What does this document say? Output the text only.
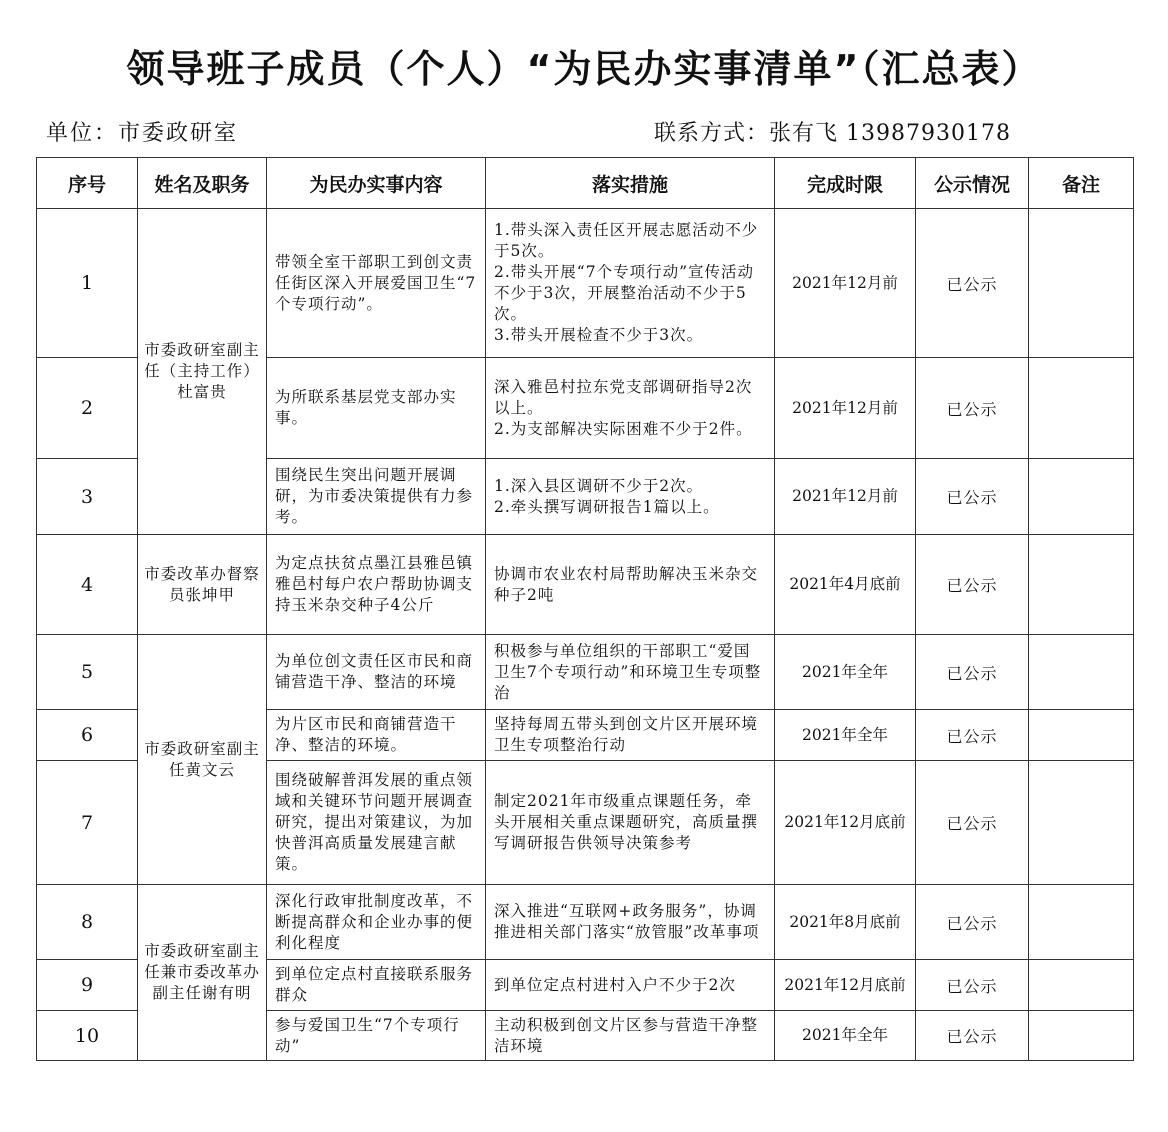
领导班子成员（个人）“为民办实事清单”（汇总表）
单位：市委政研室	联系方式：张有飞 13987930178
序号	姓名及职务	为民办实事内容	落实措施	完成时限	公示情况	备注
1	市委政研室副主任（主持工作）杜富贵	带领全室干部职工到创文责任街区深入开展爱国卫生“7个专项行动”。	1.带头深入责任区开展志愿活动不少于5次。
2.带头开展“7个专项行动”宣传活动不少于3次，开展整治活动不少于5次。
3.带头开展检查不少于3次。	2021年12月前	已公示	
2		为所联系基层党支部办实事。	深入雅邑村拉东党支部调研指导2次以上。
2.为支部解决实际困难不少于2件。	2021年12月前	已公示	
3		围绕民生突出问题开展调研，为市委决策提供有力参考。	1.深入县区调研不少于2次。
2.牵头撰写调研报告1篇以上。	2021年12月前	已公示	
4	市委改革办督察员张坤甲	为定点扶贫点墨江县雅邑镇雅邑村每户农户帮助协调支持玉米杂交种子4公斤	协调市农业农村局帮助解决玉米杂交种子2吨	2021年4月底前	已公示	
5	市委政研室副主任黄文云	为单位创文责任区市民和商铺营造干净、整洁的环境	积极参与单位组织的干部职工“爱国卫生7个专项行动”和环境卫生专项整治	2021年全年	已公示	
6		为片区市民和商铺营造干净、整洁的环境。	坚持每周五带头到创文片区开展环境卫生专项整治行动	2021年全年	已公示	
7		围绕破解普洱发展的重点领域和关键环节问题开展调查研究，提出对策建议，为加快普洱高质量发展建言献策。	制定2021年市级重点课题任务，牵头开展相关重点课题研究，高质量撰写调研报告供领导决策参考	2021年12月底前	已公示	
8	市委政研室副主任兼市委改革办副主任谢有明	深化行政审批制度改革，不断提高群众和企业办事的便利化程度	深入推进“互联网+政务服务”，协调推进相关部门落实“放管服”改革事项	2021年8月底前	已公示	
9		到单位定点村直接联系服务群众	到单位定点村进村入户不少于2次	2021年12月底前	已公示	
10		参与爱国卫生“7个专项行动”	主动积极到创文片区参与营造干净整洁环境	2021年全年	已公示	
